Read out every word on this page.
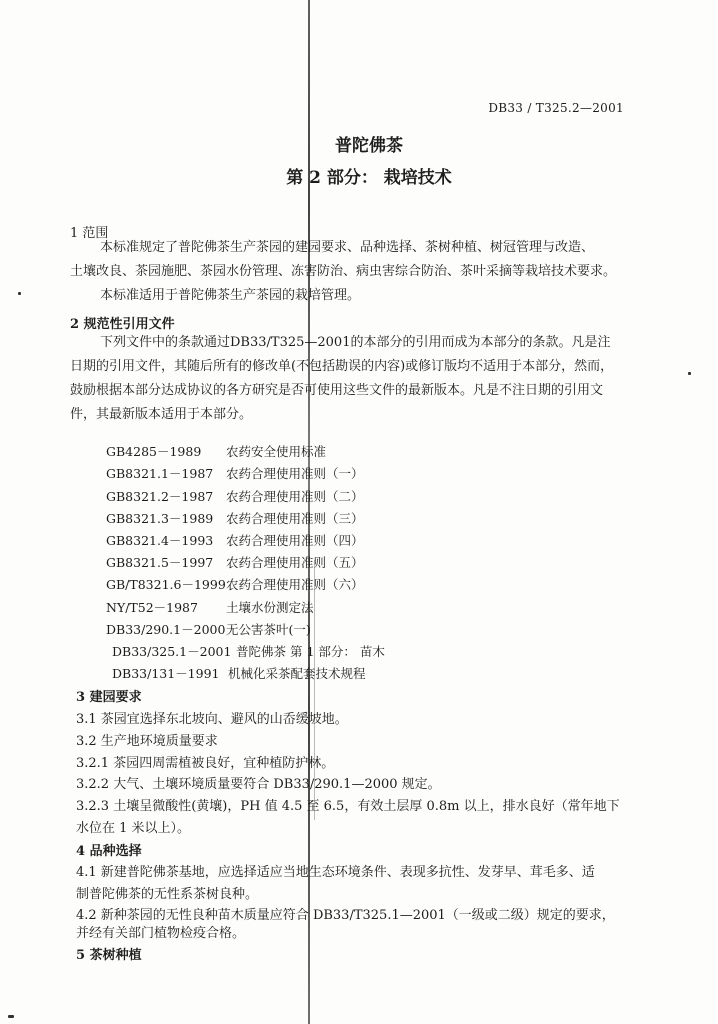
DB33 / T325.2—2001
普陀佛茶
第 2 部分： 栽培技术
1 范围
本标准规定了普陀佛茶生产茶园的建园要求、品种选择、茶树种植、树冠管理与改造、
土壤改良、茶园施肥、茶园水份管理、冻害防治、病虫害综合防治、茶叶采摘等栽培技术要求。
本标准适用于普陀佛茶生产茶园的栽培管理。
2 规范性引用文件
下列文件中的条款通过DB33/T325—2001的本部分的引用而成为本部分的条款。凡是注
日期的引用文件，其随后所有的修改单(不包括勘误的内容)或修订版均不适用于本部分，然而，
鼓励根据本部分达成协议的各方研究是否可使用这些文件的最新版本。凡是不注日期的引用文
件，其最新版本适用于本部分。
GB4285－1989 农药安全使用标准
GB8321.1－1987 农药合理使用准则（一）
GB8321.2－1987 农药合理使用准则（二）
GB8321.3－1989 农药合理使用准则（三）
GB8321.4－1993 农药合理使用准则（四）
GB8321.5－1997 农药合理使用准则（五）
GB/T8321.6－1999农药合理使用准则（六）
NY/T52－1987 土壤水份测定法
DB33/290.1－2000无公害茶叶(一)
DB33/325.1－2001 普陀佛茶 第 1 部分： 苗木
DB33/131－1991 机械化采茶配套技术规程
3 建园要求
3.1 茶园宜选择东北坡向、避风的山岙缓坡地。
3.2 生产地环境质量要求
3.2.1 茶园四周需植被良好，宜种植防护林。
3.2.2 大气、土壤环境质量要符合 DB33/290.1—2000 规定。
3.2.3 土壤呈微酸性(黄壤)，PH 值 4.5 至 6.5，有效土层厚 0.8m 以上，排水良好（常年地下
水位在 1 米以上）。
4 品种选择
4.1 新建普陀佛茶基地，应选择适应当地生态环境条件、表现多抗性、发芽早、茸毛多、适
制普陀佛茶的无性系茶树良种。
4.2 新种茶园的无性良种苗木质量应符合 DB33/T325.1—2001（一级或二级）规定的要求，
并经有关部门植物检疫合格。
5 茶树种植
